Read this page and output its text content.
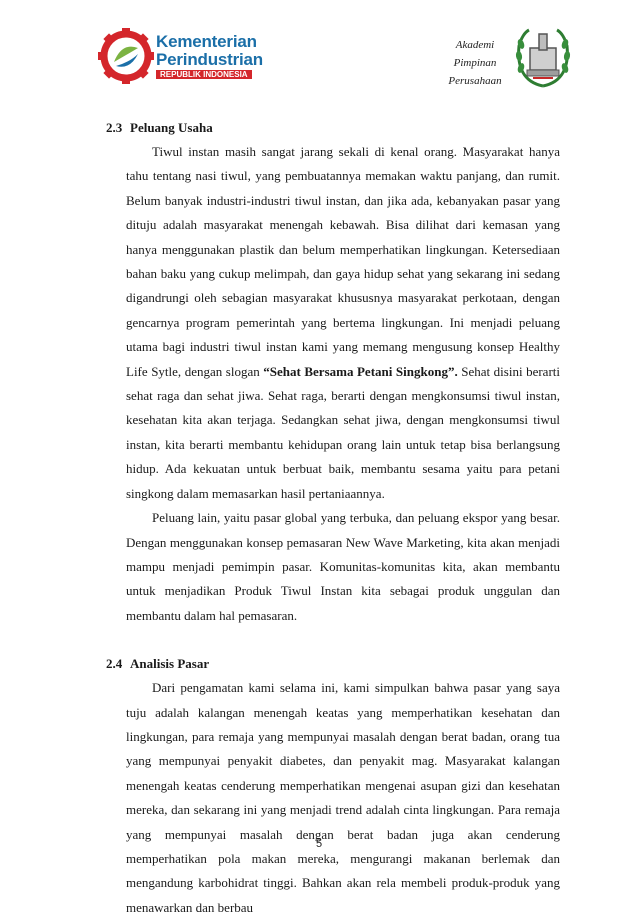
Kementerian
Perindustrian
REPUBLIK INDONESIA
Akademi
Pimpinan
Perusahaan
2.3 Peluang Usaha

Tiwul instan masih sangat jarang sekali di kenal orang. Masyarakat hanya tahu tentang nasi tiwul, yang pembuatannya memakan waktu panjang, dan rumit. Belum banyak industri-industri tiwul instan, dan jika ada, kebanyakan pasar yang dituju adalah masyarakat menengah kebawah. Bisa dilihat dari kemasan yang hanya menggunakan plastik dan belum memperhatikan lingkungan. Ketersediaan bahan baku yang cukup melimpah, dan gaya hidup sehat yang sekarang ini sedang digandrungi oleh sebagian masyarakat khususnya masyarakat perkotaan, dengan gencarnya program pemerintah yang bertema lingkungan. Ini menjadi peluang utama bagi industri tiwul instan kami yang memang mengusung konsep Healthy Life Sytle, dengan slogan “Sehat Bersama Petani Singkong”. Sehat disini berarti sehat raga dan sehat jiwa. Sehat raga, berarti dengan mengkonsumsi tiwul instan, kesehatan kita akan terjaga. Sedangkan sehat jiwa, dengan mengkonsumsi tiwul instan, kita berarti membantu kehidupan orang lain untuk tetap bisa berlangsung hidup. Ada kekuatan untuk berbuat baik, membantu sesama yaitu para petani singkong dalam memasarkan hasil pertaniaannya.

Peluang lain, yaitu pasar global yang terbuka, dan peluang ekspor yang besar. Dengan menggunakan konsep pemasaran New Wave Marketing, kita akan menjadi mampu menjadi pemimpin pasar. Komunitas-komunitas kita, akan membantu untuk menjadikan Produk Tiwul Instan kita sebagai produk unggulan dan membantu dalam hal pemasaran.

2.4 Analisis Pasar

Dari pengamatan kami selama ini, kami simpulkan bahwa pasar yang saya tuju adalah kalangan menengah keatas yang memperhatikan kesehatan dan lingkungan, para remaja yang mempunyai masalah dengan berat badan, orang tua yang mempunyai penyakit diabetes, dan penyakit mag. Masyarakat kalangan menengah keatas cenderung memperhatikan mengenai asupan gizi dan kesehatan mereka, dan sekarang ini yang menjadi trend adalah cinta lingkungan. Para remaja yang mempunyai masalah dengan berat badan juga akan cenderung memperhatikan pola makan mereka, mengurangi makanan berlemak dan mengandung karbohidrat tinggi. Bahkan akan rela membeli produk-produk yang menawarkan dan berbau

5
